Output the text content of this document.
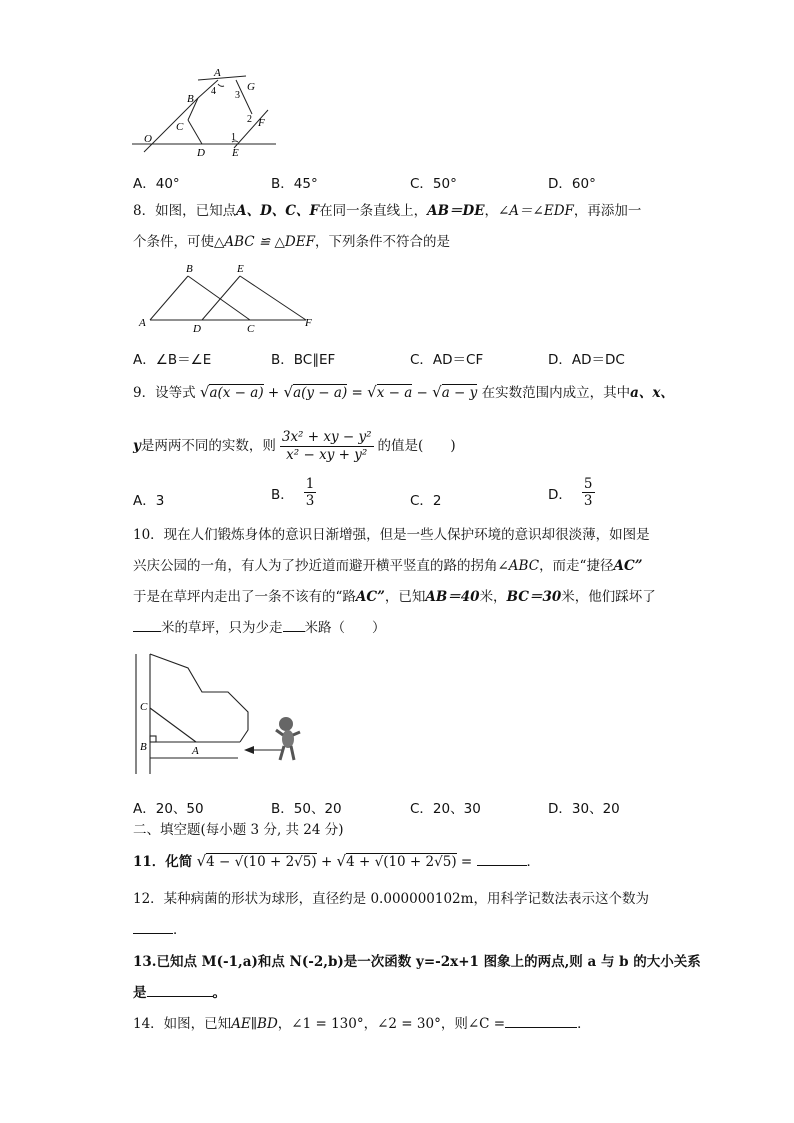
A
G
B
C
O
D E
F
1
2
3
4
A．40°	B．45°	C．50°	D．60°
8．如图，已知点A、D、C、F在同一条直线上，AB＝DE，∠A＝∠EDF，再添加一
个条件，可使△ABC ≌ △DEF，下列条件不符合的是
A
B
C
D
E
F
A．∠B＝∠E	B．BC∥EF	C．AD＝CF	D．AD＝DC
9．设等式 √a(x − a) + √a(y − a) = √x − a − √a − y 在实数范围内成立，其中a、x、
y 是两两不同的实数，则 $\frac{\text{3x² + xy − y²}}{\text{x² − xy + y²}}$ 的值是(　　)
A．3	B． $\frac{1}{3}$	C．2	D． $\frac{5}{3}$
10．现在人们锻炼身体的意识日渐增强，但是一些人保护环境的意识却很淡薄，如图是
兴庆公园的一角，有人为了抄近道而避开横平竖直的路的拐角∠ABC，而走“捷径AC”
于是在草坪内走出了一条不该有的“路AC”，已知AB＝40米，BC＝30米，他们踩坏了
米的草坪，只为少走 米路（　　）
C
B	A
A．20、50	B．50、20	C．20、30	D．30、20
二、填空题(每小题 3 分, 共 24 分)
11．化简 √4 − √(10 + 2√5) + √4 + √(10 + 2√5) =	．
12．某种病菌的形状为球形，直径约是 0.000000102m，用科学记数法表示这个数为
．
13.已知点 M(-1,a)和点 N(-2,b)是一次函数 y=-2x+1 图象上的两点,则 a 与 b 的大小关系
是	。
14．如图，已知AE∥BD，∠1 = 130°，∠2 = 30°，则∠C =	．
